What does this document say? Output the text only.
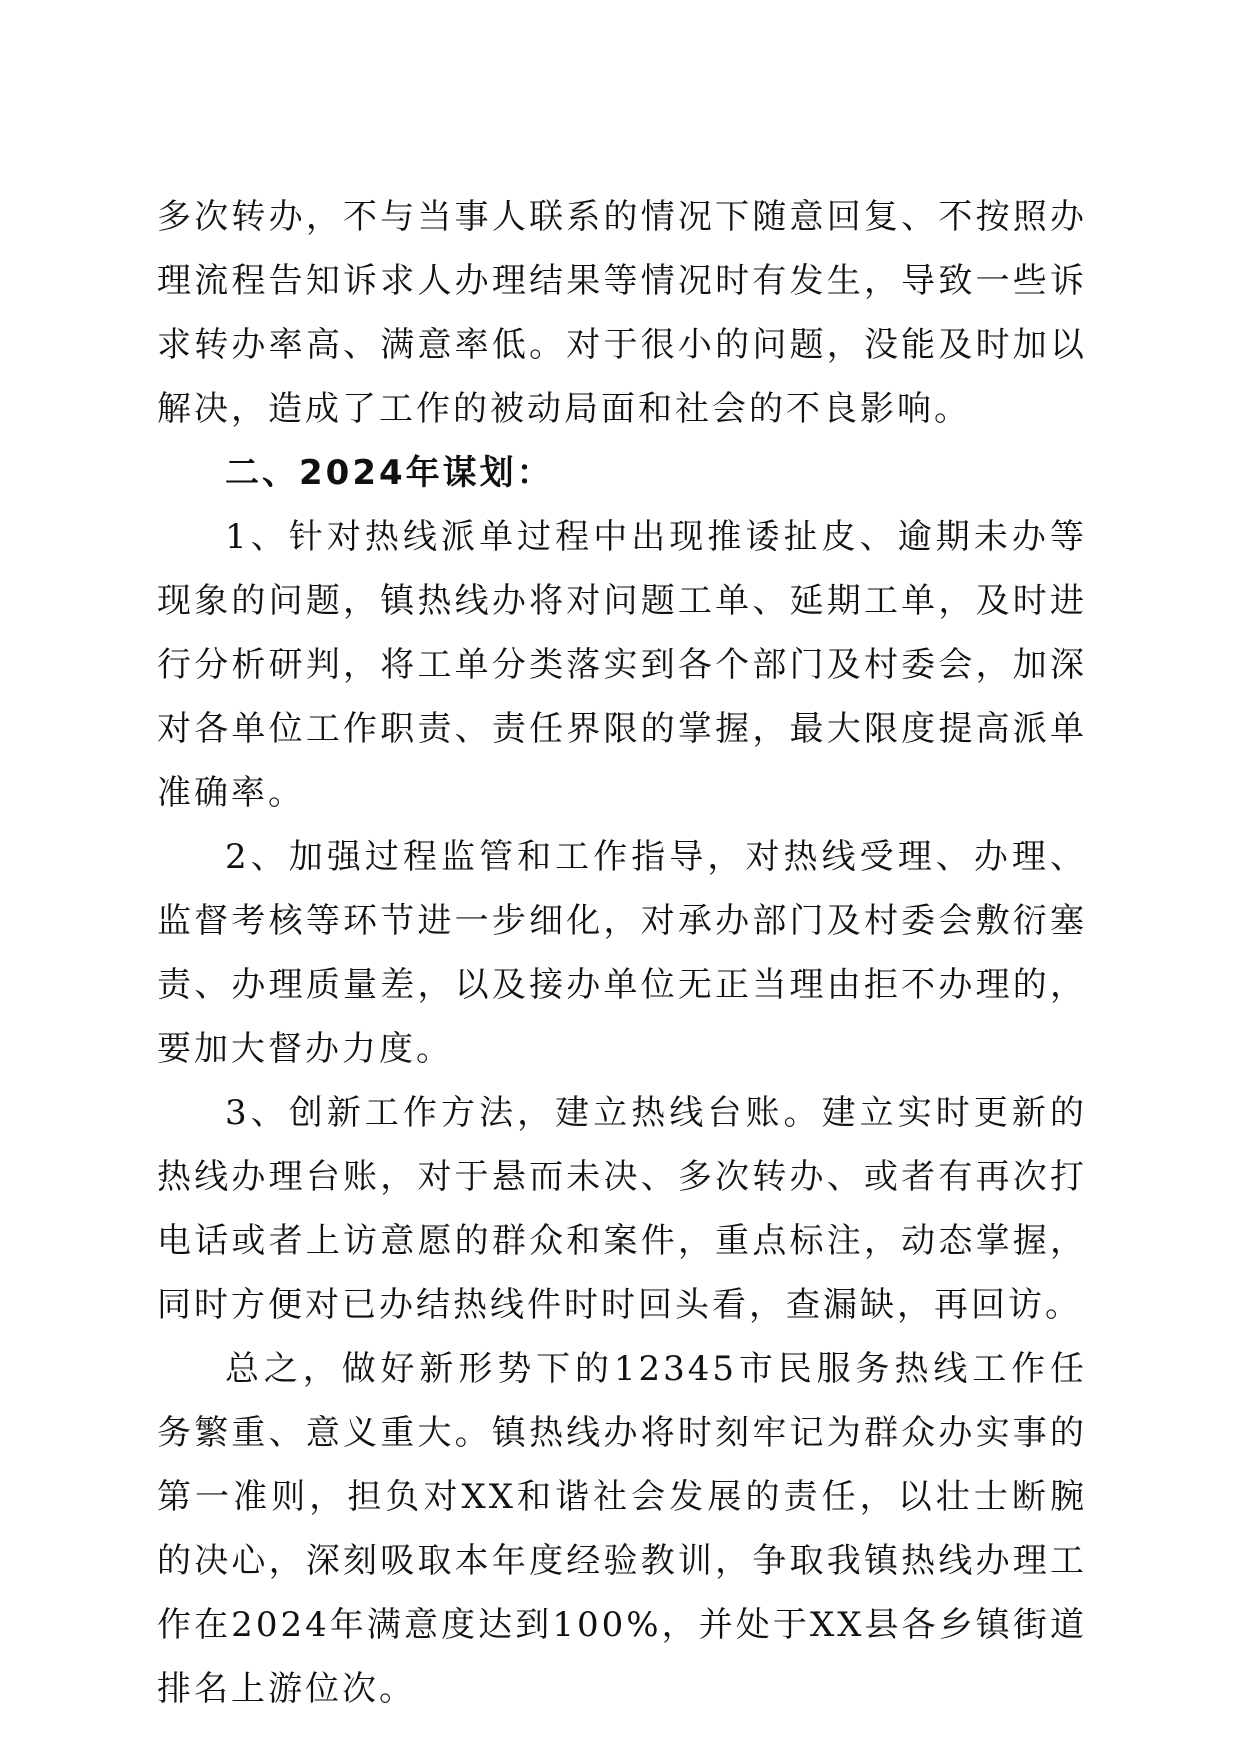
多次转办，不与当事人联系的情况下随意回复、不按照办理流程告知诉求人办理结果等情况时有发生，导致一些诉求转办率高、满意率低。对于很小的问题，没能及时加以解决，造成了工作的被动局面和社会的不良影响。

二、2024年谋划：

1、针对热线派单过程中出现推诿扯皮、逾期未办等现象的问题，镇热线办将对问题工单、延期工单，及时进行分析研判，将工单分类落实到各个部门及村委会，加深对各单位工作职责、责任界限的掌握，最大限度提高派单准确率。

2、加强过程监管和工作指导，对热线受理、办理、监督考核等环节进一步细化，对承办部门及村委会敷衍塞责、办理质量差，以及接办单位无正当理由拒不办理的，要加大督办力度。

3、创新工作方法，建立热线台账。建立实时更新的热线办理台账，对于悬而未决、多次转办、或者有再次打电话或者上访意愿的群众和案件，重点标注，动态掌握，同时方便对已办结热线件时时回头看，查漏缺，再回访。

总之，做好新形势下的12345市民服务热线工作任务繁重、意义重大。镇热线办将时刻牢记为群众办实事的第一准则，担负对XX和谐社会发展的责任，以壮士断腕的决心，深刻吸取本年度经验教训，争取我镇热线办理工作在2024年满意度达到100%，并处于XX县各乡镇街道排名上游位次。
